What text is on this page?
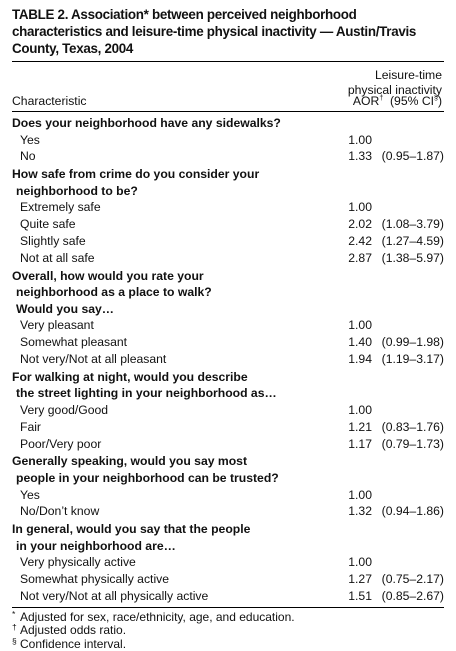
TABLE 2. Association* between perceived neighborhood characteristics and leisure-time physical inactivity — Austin/Travis County, Texas, 2004
Leisure-time
physical inactivity
Characteristic	AOR† (95% CI§)
Does your neighborhood have any sidewalks?
Yes	1.00
No	1.33 (0.95–1.87)
How safe from crime do you consider your
neighborhood to be?
Extremely safe	1.00
Quite safe	2.02 (1.08–3.79)
Slightly safe	2.42 (1.27–4.59)
Not at all safe	2.87 (1.38–5.97)
Overall, how would you rate your
neighborhood as a place to walk?
Would you say…
Very pleasant	1.00
Somewhat pleasant	1.40 (0.99–1.98)
Not very/Not at all pleasant	1.94 (1.19–3.17)
For walking at night, would you describe
the street lighting in your neighborhood as…
Very good/Good	1.00
Fair	1.21 (0.83–1.76)
Poor/Very poor	1.17 (0.79–1.73)
Generally speaking, would you say most
people in your neighborhood can be trusted?
Yes	1.00
No/Don’t know	1.32 (0.94–1.86)
In general, would you say that the people
in your neighborhood are…
Very physically active	1.00
Somewhat physically active	1.27 (0.75–2.17)
Not very/Not at all physically active	1.51 (0.85–2.67)
* Adjusted for sex, race/ethnicity, age, and education.
† Adjusted odds ratio.
§ Confidence interval.
